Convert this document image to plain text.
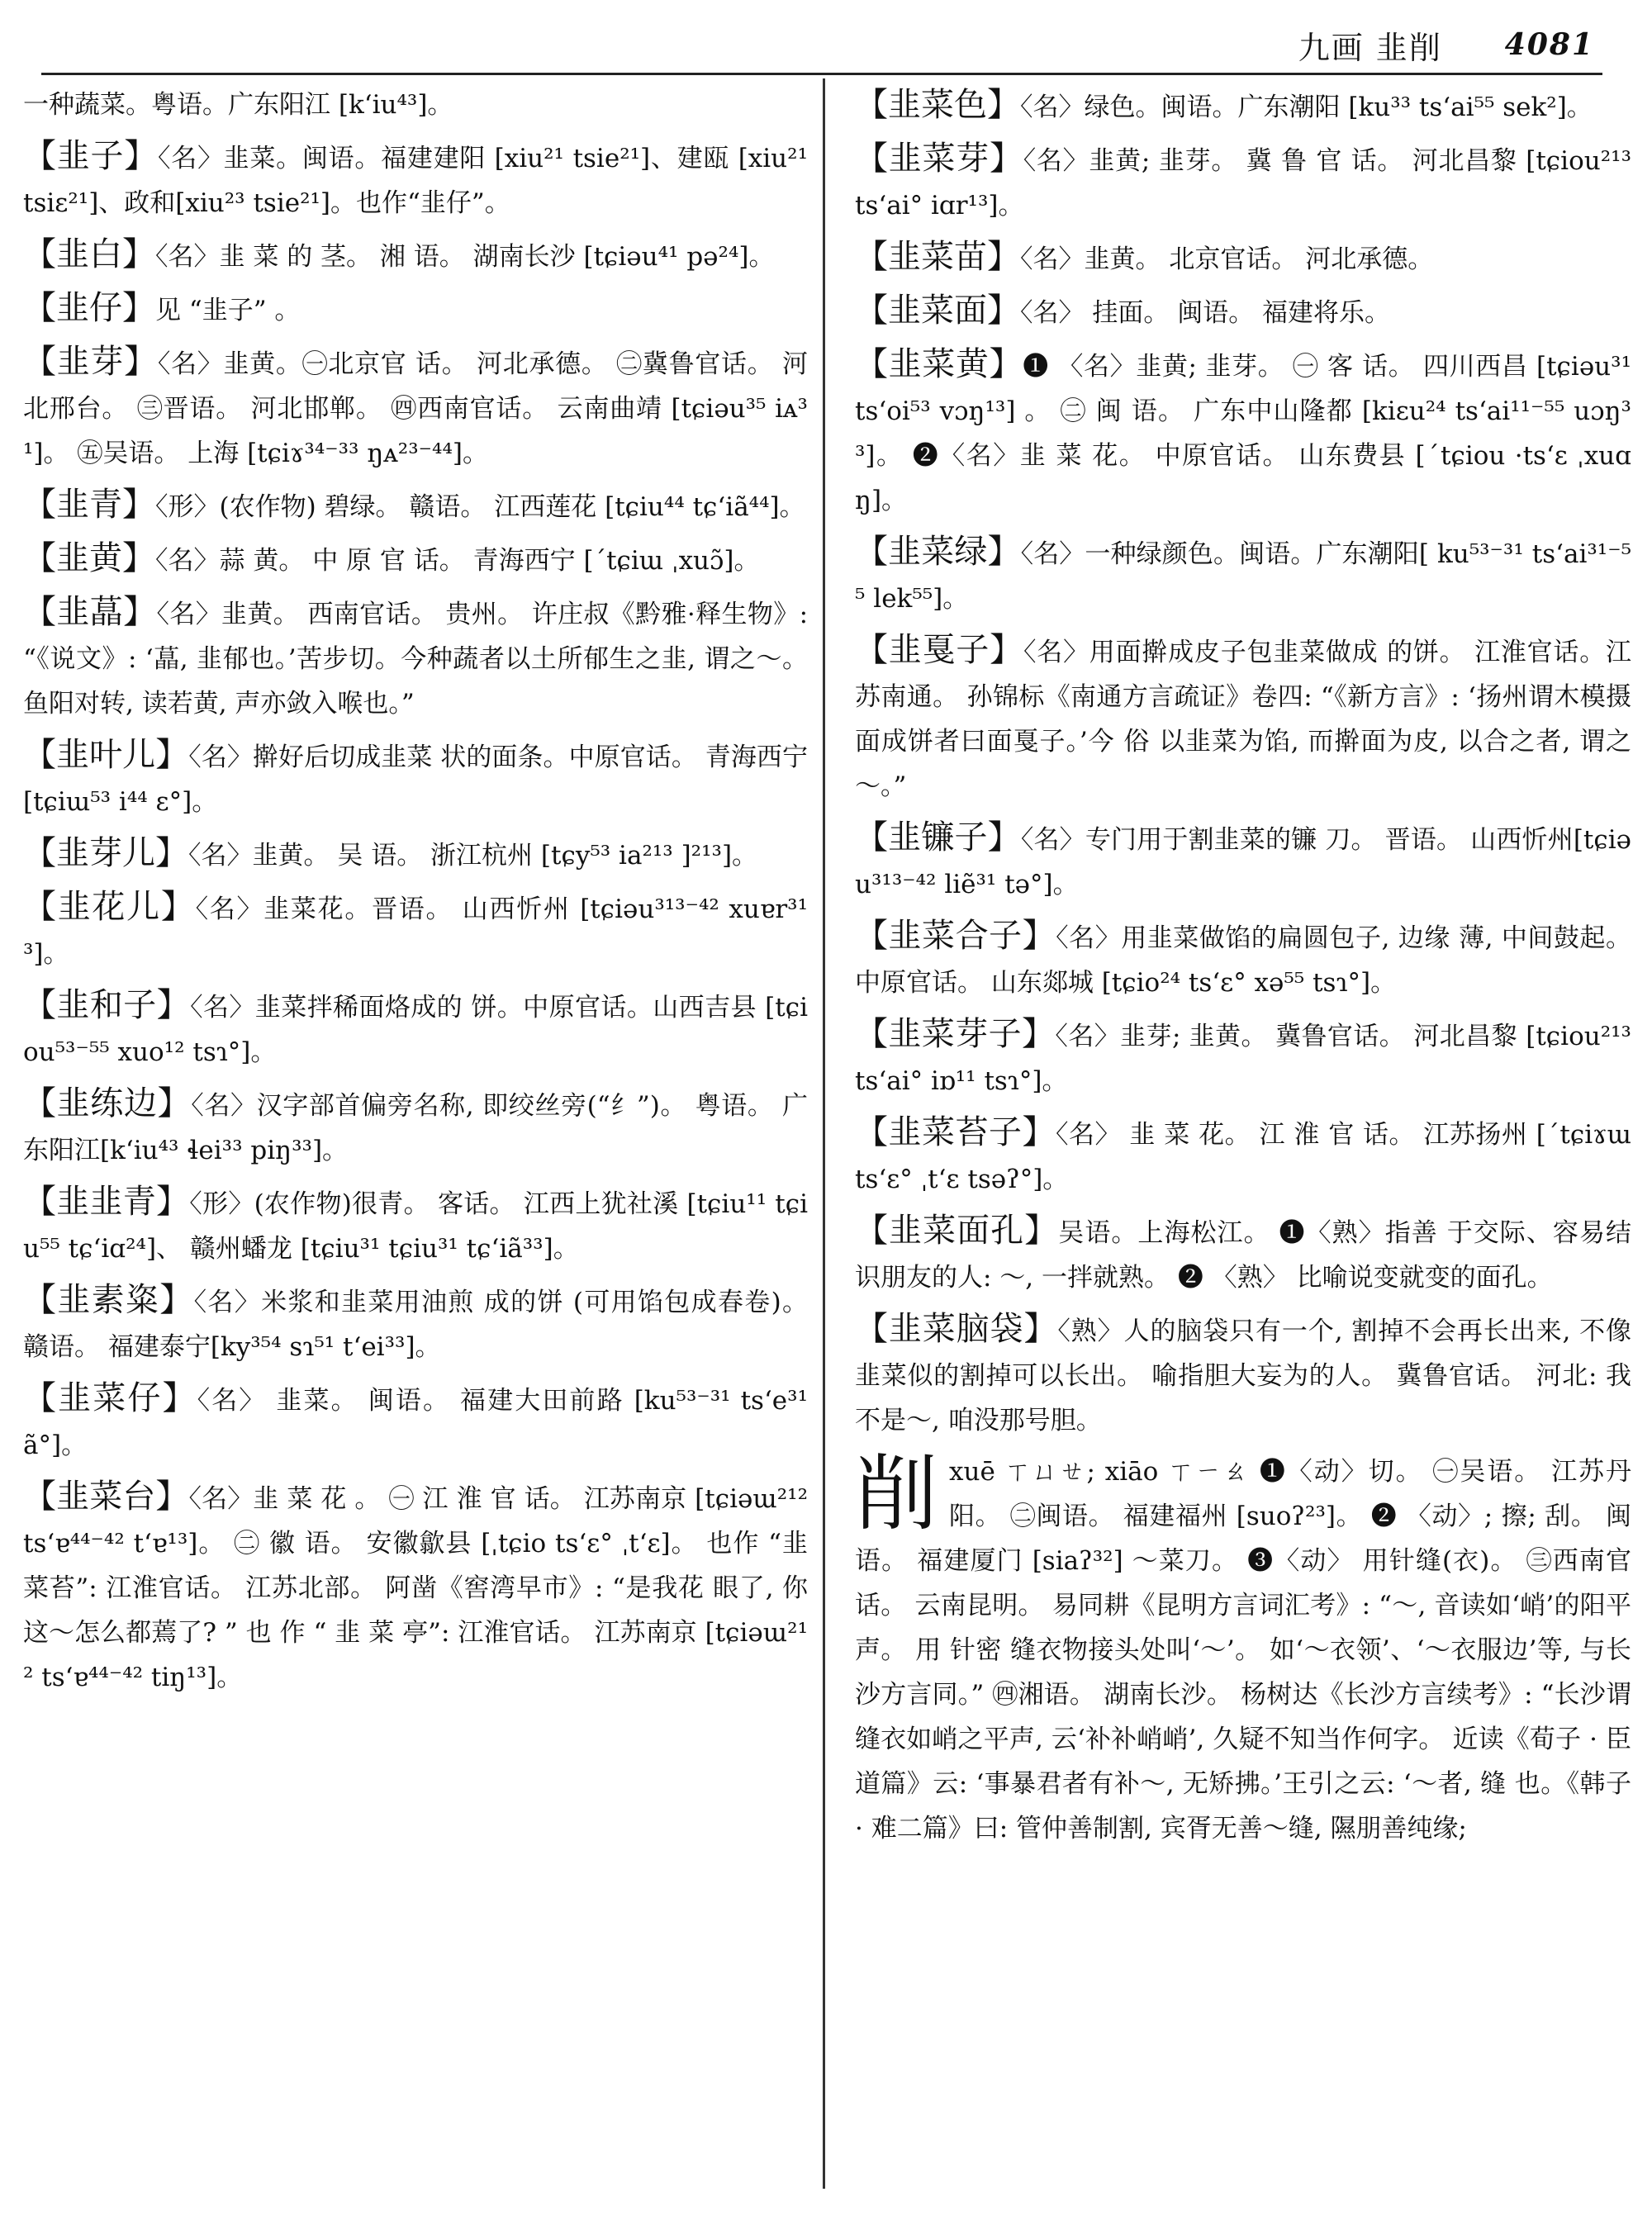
九画 韭削 4081
一种蔬菜。粤语。广东阳江 [kʻiu⁴³]。
【韭子】〈名〉韭菜。闽语。福建建阳 [xiu²¹ tsie²¹]、建瓯 [xiu²¹ tsiɛ²¹]、政和[xiu²³ tsie²¹]。也作“韭仔”。
【韭白】〈名〉韭 菜 的 茎。 湘 语。 湖南长沙 [tɕiəu⁴¹ pə²⁴]。
【韭仔】见 “韭子” 。
【韭芽】〈名〉韭黄。㊀北京官 话。 河北承德。 ㊁冀鲁官话。 河北邢台。 ㊂晋语。 河北邯郸。 ㊃西南官话。 云南曲靖 [tɕiəu³⁵ iᴀ³¹]。 ㊄吴语。 上海 [tɕiɤ³⁴⁻³³ ŋᴀ²³⁻⁴⁴]。
【韭青】〈形〉(农作物) 碧绿。 赣语。 江西莲花 [tɕiu⁴⁴ tɕʻiã⁴⁴]。
【韭黄】〈名〉蒜 黄。 中 原 官 话。 青海西宁 [ˊtɕiɯ ˌxuɔ̃]。
【韭蕌】〈名〉韭黄。 西南官话。 贵州。 许庄叔《黔雅·释生物》: “《说文》: ‘蕌, 韭郁也。’苦步切。今种蔬者以土所郁生之韭, 谓之～。 鱼阳对转, 读若黄, 声亦敛入喉也。”
【韭叶儿】〈名〉擀好后切成韭菜 状的面条。中原官话。 青海西宁 [tɕiɯ⁵³ i⁴⁴ ɛ°]。
【韭芽儿】〈名〉韭黄。 吴 语。 浙江杭州 [tɕy⁵³ ia²¹³ ]²¹³]。
【韭花儿】〈名〉韭菜花。晋语。 山西忻州 [tɕiəu³¹³⁻⁴² xuɐr³¹³]。
【韭和子】〈名〉韭菜拌稀面烙成的 饼。中原官话。山西吉县 [tɕiou⁵³⁻⁵⁵ xuo¹² tsɿ°]。
【韭练边】〈名〉汉字部首偏旁名称, 即绞丝旁(“纟”)。 粤语。 广东阳江[kʻiu⁴³ ɬei³³ piŋ³³]。
【韭韭青】〈形〉(农作物)很青。 客话。 江西上犹社溪 [tɕiu¹¹ tɕiu⁵⁵ tɕʻiɑ²⁴]、 赣州蟠龙 [tɕiu³¹ tɕiu³¹ tɕʻiã³³]。
【韭素粢】〈名〉米浆和韭菜用油煎 成的饼 (可用馅包成春卷)。 赣语。 福建泰宁[ky³⁵⁴ sɿ⁵¹ tʻei³³]。
【韭菜仔】〈名〉 韭菜。 闽语。 福建大田前路 [ku⁵³⁻³¹ tsʻe³¹ ã°]。
【韭菜台】〈名〉韭 菜 花 。 ㊀ 江 淮 官 话。 江苏南京 [tɕiəɯ²¹² tsʻɐ⁴⁴⁻⁴² tʻɐ¹³]。 ㊁ 徽 语。 安徽歙县 [ˌtɕio tsʻɛ° ˌtʻɛ]。 也作 “韭菜苔”: 江淮官话。 江苏北部。 阿凿《窖湾早市》: “是我花 眼了, 你 这～怎么都蔫了? ” 也 作 “ 韭 菜 亭”: 江淮官话。 江苏南京 [tɕiəɯ²¹² tsʻɐ⁴⁴⁻⁴² tiŋ¹³]。
【韭菜色】〈名〉绿色。闽语。广东潮阳 [ku³³ tsʻai⁵⁵ sek²]。
【韭菜芽】〈名〉韭黄; 韭芽。 冀 鲁 官 话。 河北昌黎 [tɕiou²¹³ tsʻai° iɑr¹³]。
【韭菜苗】〈名〉韭黄。 北京官话。 河北承德。
【韭菜面】〈名〉 挂面。 闽语。 福建将乐。
【韭菜黄】❶ 〈名〉韭黄; 韭芽。 ㊀ 客 话。 四川西昌 [tɕiəu³¹ tsʻoi⁵³ vɔŋ¹³] 。 ㊁ 闽 语。 广东中山隆都 [kiɛu²⁴ tsʻai¹¹⁻⁵⁵ uɔŋ³³]。 ❷〈名〉韭 菜 花。 中原官话。 山东费县 [ˊtɕiou ·tsʻɛ ˌxuɑŋ]。
【韭菜绿】〈名〉一种绿颜色。闽语。广东潮阳[ ku⁵³⁻³¹ tsʻai³¹⁻⁵⁵ lek⁵⁵]。
【韭戛子】〈名〉用面擀成皮子包韭菜做成 的饼。 江淮官话。江苏南通。 孙锦标《南通方言疏证》卷四: “《新方言》: ‘扬州谓木模摄面成饼者曰面戛子。’今 俗 以韭菜为馅, 而擀面为皮, 以合之者, 谓之～。”
【韭镰子】〈名〉专门用于割韭菜的镰 刀。 晋语。 山西忻州[tɕiəu³¹³⁻⁴² liẽ³¹ tə°]。
【韭菜合子】〈名〉用韭菜做馅的扁圆包子, 边缘 薄, 中间鼓起。 中原官话。 山东郯城 [tɕio²⁴ tsʻɛ° xə⁵⁵ tsɿ°]。
【韭菜芽子】〈名〉韭芽; 韭黄。 冀鲁官话。 河北昌黎 [tɕiou²¹³ tsʻai° iɒ¹¹ tsɿ°]。
【韭菜苔子】〈名〉 韭 菜 花。 江 淮 官 话。 江苏扬州 [ˊtɕiɤɯ tsʻɛ° ˌtʻɛ tsəʔ°]。
【韭菜面孔】吴语。上海松江。 ❶〈熟〉指善 于交际、容易结识朋友的人: ～, 一拌就熟。 ❷ 〈熟〉 比喻说变就变的面孔。
【韭菜脑袋】〈熟〉人的脑袋只有一个, 割掉不会再长出来, 不像韭菜似的割掉可以长出。 喻指胆大妄为的人。 冀鲁官话。 河北: 我不是～, 咱没那号胆。
削xuē ㄒㄩㄝ; xiāo ㄒㄧㄠ ❶〈动〉切。 ㊀吴语。 江苏丹阳。 ㊁闽语。 福建福州 [suoʔ²³]。 ❷ 〈动〉; 擦; 刮。 闽语。 福建厦门 [siaʔ³²] ～菜刀。 ❸〈动〉 用针缝(衣)。 ㊂西南官话。 云南昆明。 易同耕《昆明方言词汇考》: “～, 音读如‘峭’的阳平声。 用 针密 缝衣物接头处叫‘～’。 如‘～衣领’、‘～衣服边’等, 与长沙方言同。” ㊃湘语。 湖南长沙。 杨树达《长沙方言续考》: “长沙谓缝衣如峭之平声, 云‘补补峭峭’, 久疑不知当作何字。 近读《荀子 · 臣道篇》云: ‘事暴君者有补～, 无矫拂。’王引之云: ‘～者, 缝 也。《韩子 · 难二篇》曰: 管仲善制割, 宾胥无善～缝, 隰朋善纯缘;
